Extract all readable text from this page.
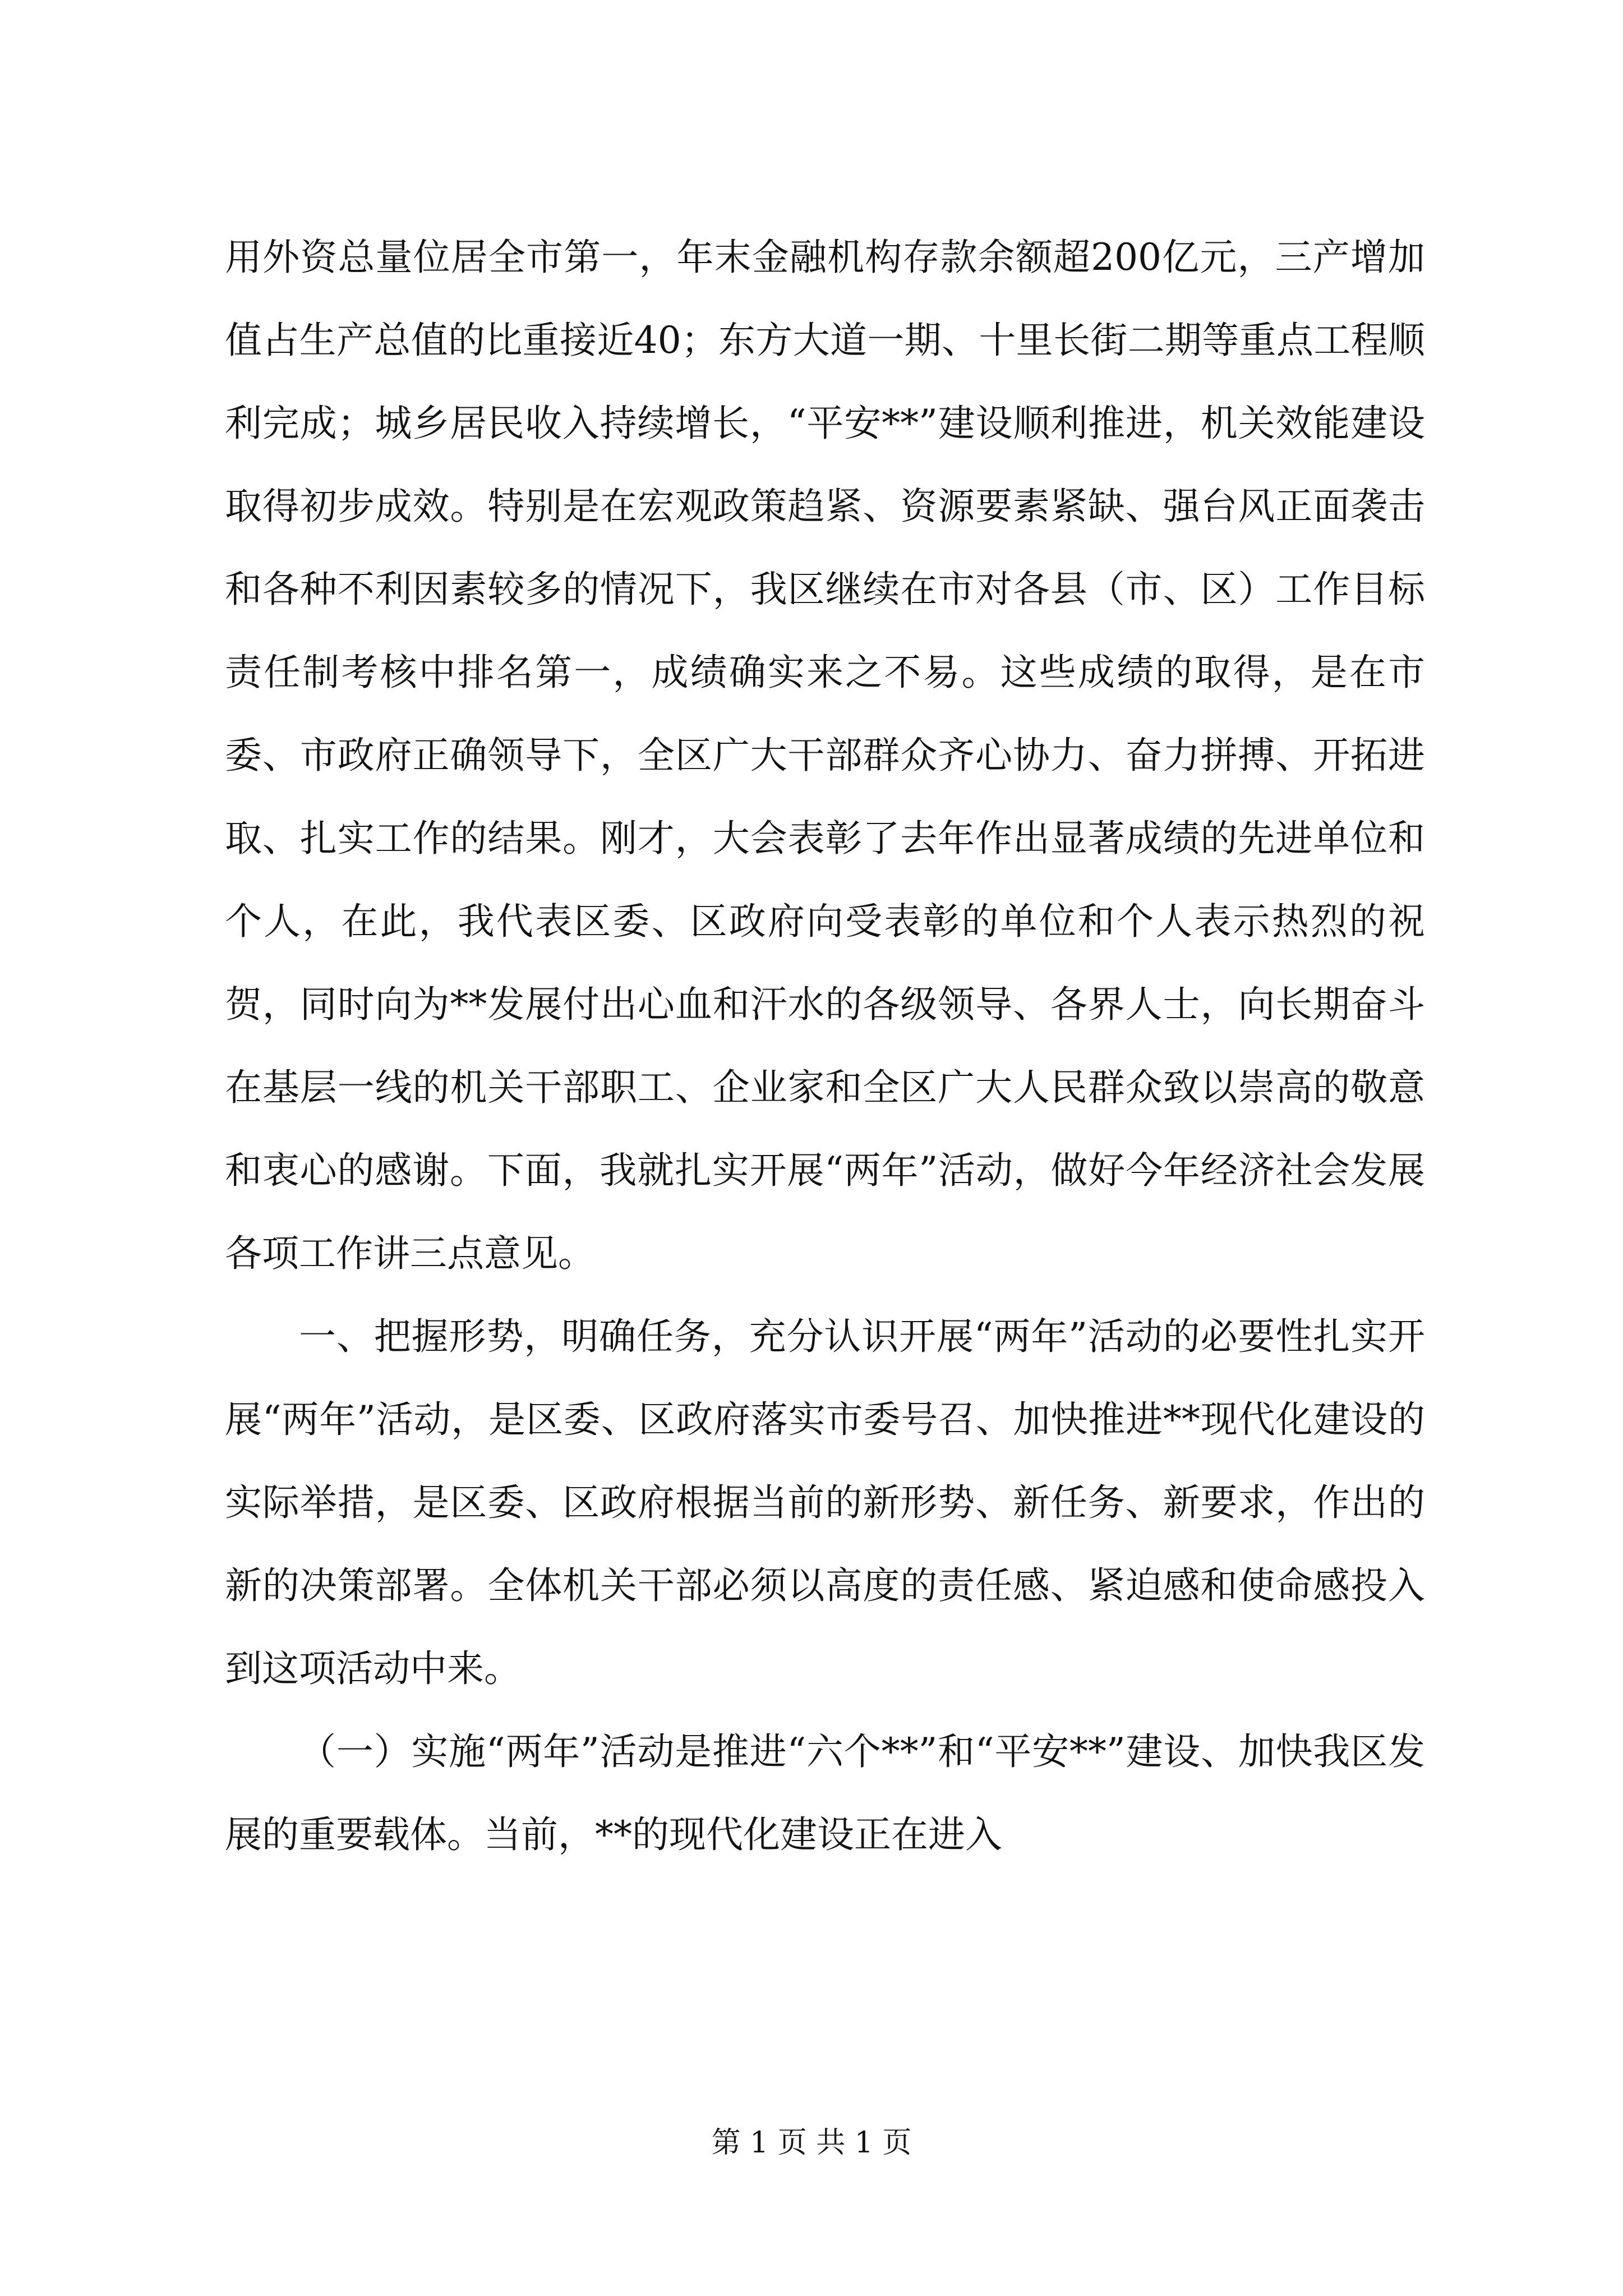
用外资总量位居全市第一，年末金融机构存款余额超200亿元，三产增加值占生产总值的比重接近40；东方大道一期、十里长街二期等重点工程顺利完成；城乡居民收入持续增长，“平安**”建设顺利推进，机关效能建设取得初步成效。特别是在宏观政策趋紧、资源要素紧缺、强台风正面袭击和各种不利因素较多的情况下，我区继续在市对各县（市、区）工作目标责任制考核中排名第一，成绩确实来之不易。这些成绩的取得，是在市委、市政府正确领导下，全区广大干部群众齐心协力、奋力拼搏、开拓进取、扎实工作的结果。刚才，大会表彰了去年作出显著成绩的先进单位和个人，在此，我代表区委、区政府向受表彰的单位和个人表示热烈的祝贺，同时向为**发展付出心血和汗水的各级领导、各界人士，向长期奋斗在基层一线的机关干部职工、企业家和全区广大人民群众致以崇高的敬意和衷心的感谢。下面，我就扎实开展“两年”活动，做好今年经济社会发展各项工作讲三点意见。

一、把握形势，明确任务，充分认识开展“两年”活动的必要性扎实开展“两年”活动，是区委、区政府落实市委号召、加快推进**现代化建设的实际举措，是区委、区政府根据当前的新形势、新任务、新要求，作出的新的决策部署。全体机关干部必须以高度的责任感、紧迫感和使命感投入到这项活动中来。

（一）实施“两年”活动是推进“六个**”和“平安**”建设、加快我区发展的重要载体。当前，**的现代化建设正在进入

第 1 页 共 1 页
